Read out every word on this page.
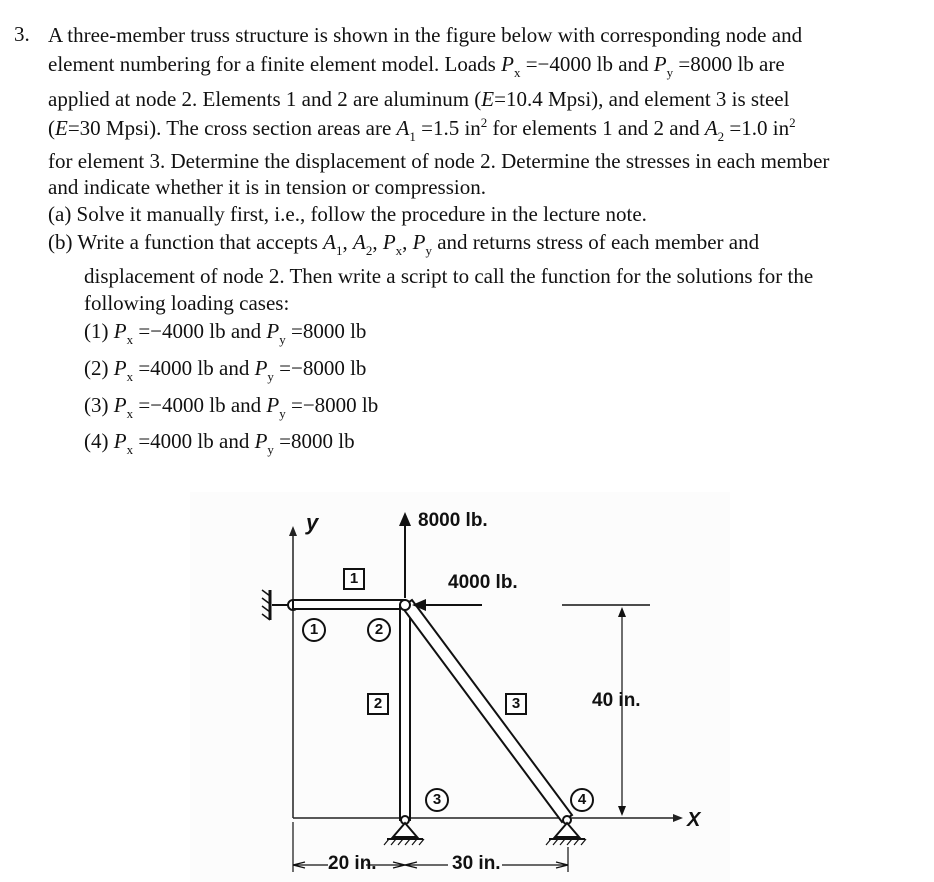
3. A three-member truss structure is shown in the figure below with corresponding node and
element numbering for a finite element model. Loads $P_x =-4000$ lb and $P_y =8000$ lb are
applied at node 2. Elements 1 and 2 are aluminum (E=10.4 Mpsi), and element 3 is steel
(E=30 Mpsi). The cross section areas are $A_1 =1.5$ $in^2$ for elements 1 and 2 and $A_2 =1.0$ $in^2$
for element 3. Determine the displacement of node 2. Determine the stresses in each member
and indicate whether it is in tension or compression.
(a) Solve it manually first, i.e., follow the procedure in the lecture note.
(b) Write a function that accepts $A_1$, $A_2$, $P_x$, $P_y$ and returns stress of each member and
displacement of node 2. Then write a script to call the function for the solutions for the
following loading cases:
(1) $P_x =-4000$ lb and $P_y =8000$ lb
(2) $P_x =4000$ lb and $P_y =-8000$ lb
(3) $P_x =-4000$ lb and $P_y =-8000$ lb
(4) $P_x =4000$ lb and $P_y =8000$ lb
y
X
8000 lb.
4000 lb.
40 in.
20 in.	30 in.
1
2	3
1	2
3	4
